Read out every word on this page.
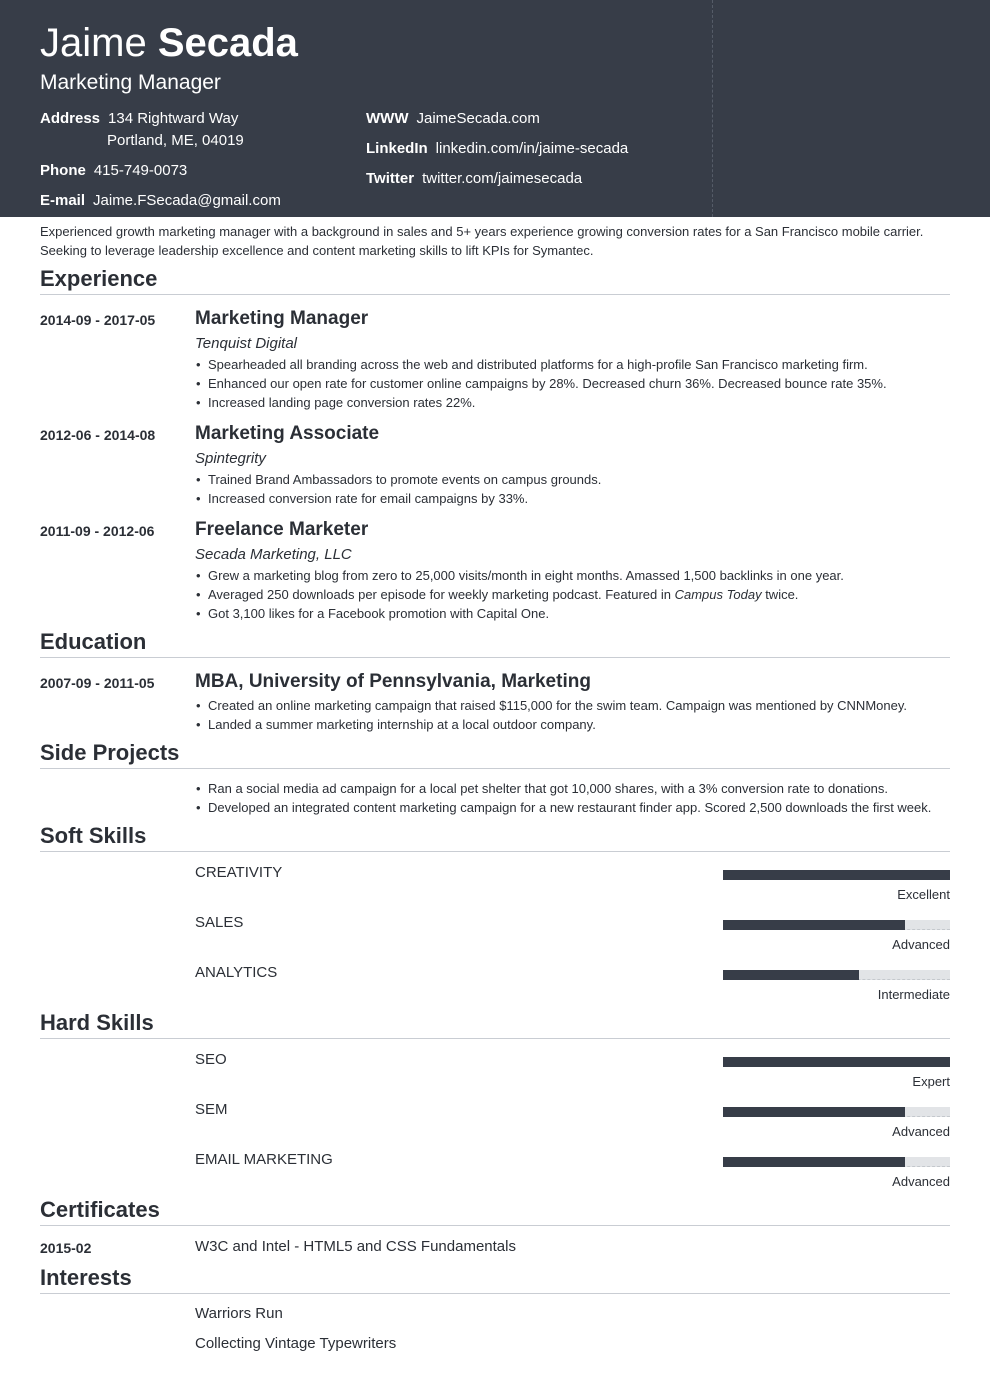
Jaime Secada
Marketing Manager
Address 134 Rightward Way
Portland, ME, 04019
Phone 415-749-0073
E-mail Jaime.FSecada@gmail.com
WWW JaimeSecada.com
LinkedIn linkedin.com/in/jaime-secada
Twitter twitter.com/jaimesecada
Experienced growth marketing manager with a background in sales and 5+ years experience growing conversion rates for a San Francisco mobile carrier.
Seeking to leverage leadership excellence and content marketing skills to lift KPIs for Symantec.
Experience
2014-09 - 2017-05 Marketing Manager
Tenquist Digital
• Spearheaded all branding across the web and distributed platforms for a high-profile San Francisco marketing firm.
• Enhanced our open rate for customer online campaigns by 28%. Decreased churn 36%. Decreased bounce rate 35%.
• Increased landing page conversion rates 22%.
2012-06 - 2014-08 Marketing Associate
Spintegrity
• Trained Brand Ambassadors to promote events on campus grounds.
• Increased conversion rate for email campaigns by 33%.
2011-09 - 2012-06 Freelance Marketer
Secada Marketing, LLC
• Grew a marketing blog from zero to 25,000 visits/month in eight months. Amassed 1,500 backlinks in one year.
• Averaged 250 downloads per episode for weekly marketing podcast. Featured in Campus Today twice.
• Got 3,100 likes for a Facebook promotion with Capital One.
Education
2007-09 - 2011-05 MBA, University of Pennsylvania, Marketing
• Created an online marketing campaign that raised $115,000 for the swim team. Campaign was mentioned by CNNMoney.
• Landed a summer marketing internship at a local outdoor company.
Side Projects
• Ran a social media ad campaign for a local pet shelter that got 10,000 shares, with a 3% conversion rate to donations.
• Developed an integrated content marketing campaign for a new restaurant finder app. Scored 2,500 downloads the first week.
Soft Skills
CREATIVITY
Excellent
SALES
Advanced
ANALYTICS
Intermediate
Hard Skills
SEO
Expert
SEM
Advanced
EMAIL MARKETING
Advanced
Certificates
2015-02	W3C and Intel - HTML5 and CSS Fundamentals
Interests
Warriors Run
Collecting Vintage Typewriters
